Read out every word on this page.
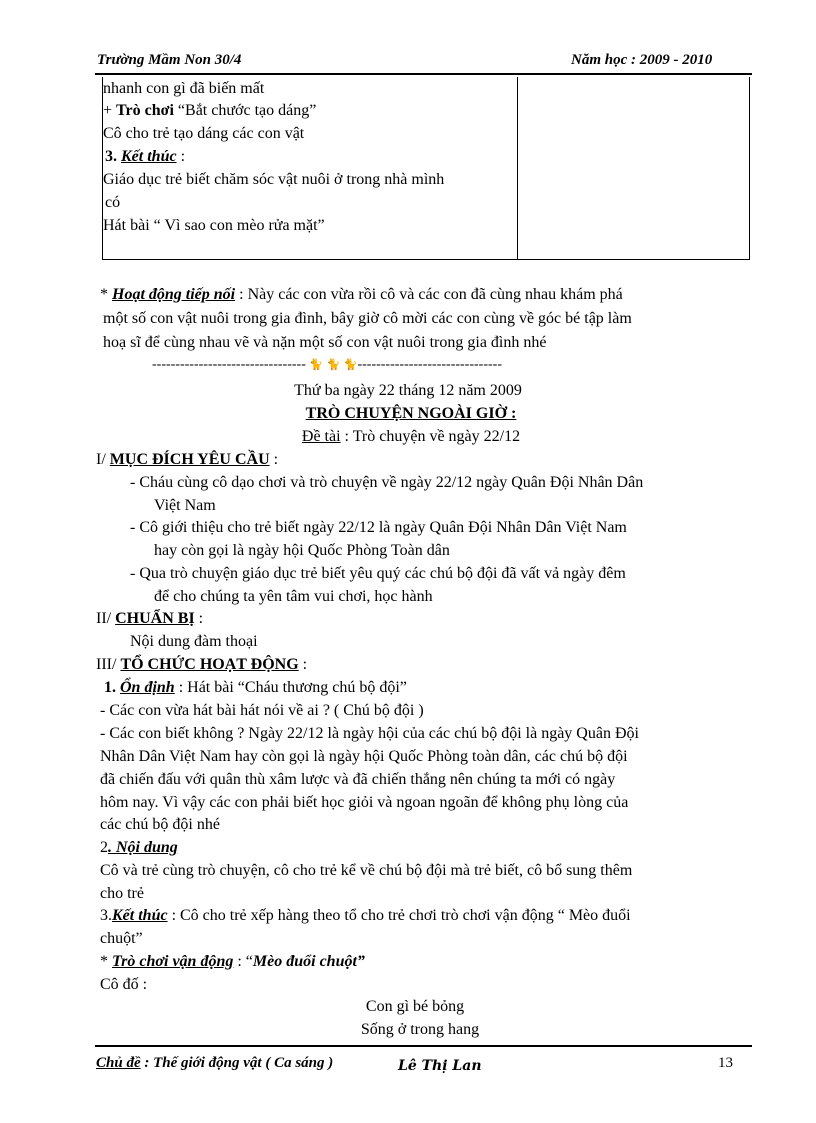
Trường Mầm Non 30/4	Năm học : 2009 - 2010
nhanh con gì đã biến mất
+ Trò chơi “Bắt chước tạo dáng”
Cô cho trẻ tạo dáng các con vật
3. Kết thúc :
Giáo dục trẻ biết chăm sóc vật nuôi ở trong nhà mình
có
Hát bài “ Vì sao con mèo rửa mặt”
* Hoạt động tiếp nối : Này các con vừa rồi cô và các con đã cùng nhau khám phá
một số con vật nuôi trong gia đình, bây giờ cô mời các con cùng về góc bé tập làm
hoạ sĩ để cùng nhau vẽ và nặn một số con vật nuôi trong gia đình nhé
--------------------------------- 🐈 🐈 🐈-------------------------------
Thứ ba ngày 22 tháng 12 năm 2009
TRÒ CHUYỆN NGOÀI GIỜ :
Đề tài : Trò chuyện về ngày 22/12
I/ MỤC ĐÍCH YÊU CẦU :
- Cháu cùng cô dạo chơi và trò chuyện về ngày 22/12 ngày Quân Đội Nhân Dân
Việt Nam
- Cô giới thiệu cho trẻ biết ngày 22/12 là ngày Quân Đội Nhân Dân Việt Nam
hay còn gọi là ngày hội Quốc Phòng Toàn dân
- Qua trò chuyện giáo dục trẻ biết yêu quý các chú bộ đội đã vất vả ngày đêm
để cho chúng ta yên tâm vui chơi, học hành
II/ CHUẨN BỊ :
Nội dung đàm thoại
III/ TỔ CHỨC HOẠT ĐỘNG :
1. Ổn định : Hát bài “Cháu thương chú bộ đội”
- Các con vừa hát bài hát nói về ai ? ( Chú bộ đội )
- Các con biết không ? Ngày 22/12 là ngày hội của các chú bộ đội là ngày Quân Đội
Nhân Dân Việt Nam hay còn gọi là ngày hội Quốc Phòng toàn dân, các chú bộ đội
đã chiến đấu với quân thù xâm lược và đã chiến thắng nên chúng ta mới có ngày
hôm nay. Vì vậy các con phải biết học giỏi và ngoan ngoãn để không phụ lòng của
các chú bộ đội nhé
2. Nội dung
Cô và trẻ cùng trò chuyện, cô cho trẻ kể về chú bộ đội mà trẻ biết, cô bổ sung thêm
cho trẻ
3.Kết thúc : Cô cho trẻ xếp hàng theo tổ cho trẻ chơi trò chơi vận động “ Mèo đuổi
chuột”
* Trò chơi vận động : “Mèo đuổi chuột”
Cô đố :
Con gì bé bỏng
Sống ở trong hang
Chủ đề : Thế giới động vật ( Ca sáng )	Lê Thị Lan	13
